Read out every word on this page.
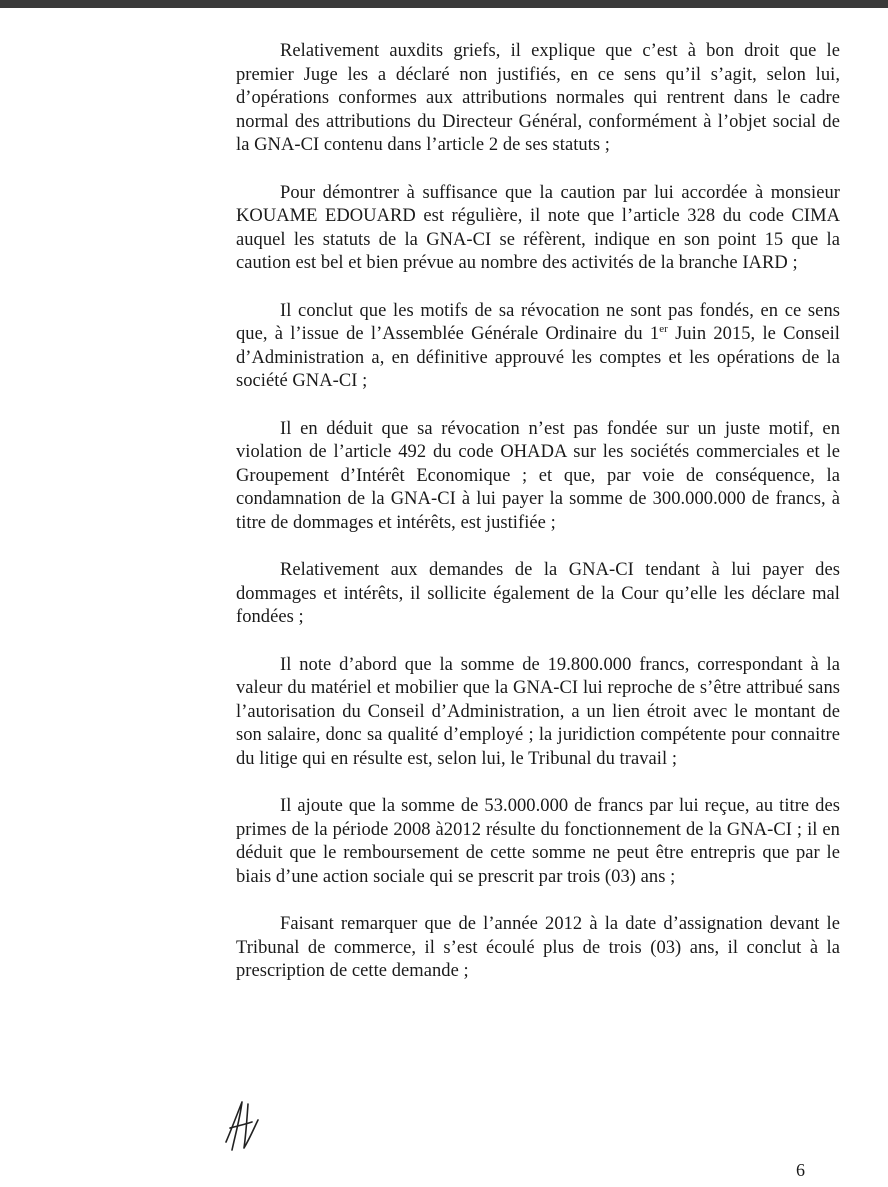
Relativement auxdits griefs, il explique que c’est à bon droit que le premier Juge les a déclaré non justifiés, en ce sens qu’il s’agit, selon lui, d’opérations conformes aux attributions normales qui rentrent dans le cadre normal des attributions du Directeur Général, conformément à l’objet social de la GNA-CI contenu dans l’article 2 de ses statuts ;

Pour démontrer à suffisance que la caution par lui accordée à monsieur KOUAME EDOUARD est régulière, il note que l’article 328 du code CIMA auquel les statuts de la GNA-CI se réfèrent, indique en son point 15 que la caution est bel et bien prévue au nombre des activités de la branche IARD ;

Il conclut que les motifs de sa révocation ne sont pas fondés, en ce sens que, à l’issue de l’Assemblée Générale Ordinaire du 1er Juin 2015, le Conseil d’Administration a, en définitive approuvé les comptes et les opérations de la société GNA-CI ;

Il en déduit que sa révocation n’est pas fondée sur un juste motif, en violation de l’article 492 du code OHADA sur les sociétés commerciales et le Groupement d’Intérêt Economique ; et que, par voie de conséquence, la condamnation de la GNA-CI à lui payer la somme de 300.000.000 de francs, à titre de dommages et intérêts, est justifiée ;

Relativement aux demandes de la GNA-CI tendant à lui payer des dommages et intérêts, il sollicite également de la Cour qu’elle les déclare mal fondées ;

Il note d’abord que la somme de 19.800.000 francs, correspondant à la valeur du matériel et mobilier que la GNA-CI lui reproche de s’être attribué sans l’autorisation du Conseil d’Administration, a un lien étroit avec le montant de son salaire, donc sa qualité d’employé ; la juridiction compétente pour connaitre du litige qui en résulte est, selon lui, le Tribunal du travail ;

Il ajoute que la somme de 53.000.000 de francs par lui reçue, au titre des primes de la période 2008 à2012 résulte du fonctionnement de la GNA-CI ; il en déduit que le remboursement de cette somme ne peut être entrepris que par le biais d’une action sociale qui se prescrit par trois (03) ans ;

Faisant remarquer que de l’année 2012 à la date d’assignation devant le Tribunal de commerce, il s’est écoulé plus de trois (03) ans, il conclut à la prescription de cette demande ;

6
